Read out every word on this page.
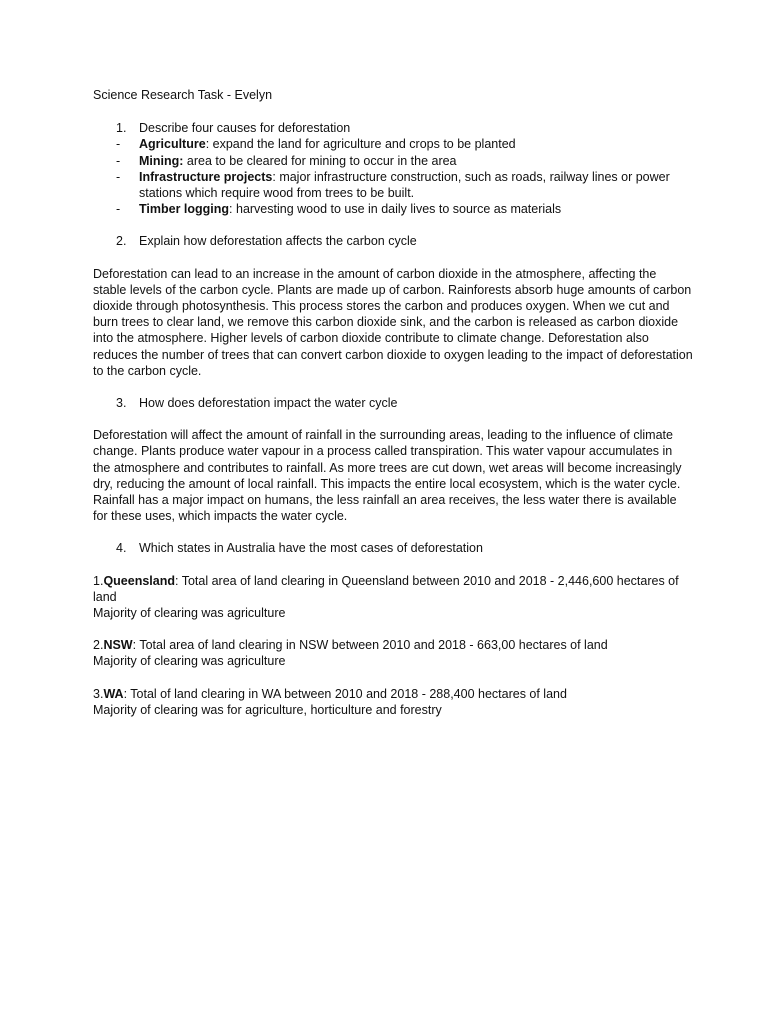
Science Research Task - Evelyn

1.	Describe four causes for deforestation
-	Agriculture: expand the land for agriculture and crops to be planted
-	Mining: area to be cleared for mining to occur in the area
-	Infrastructure projects: major infrastructure construction, such as roads, railway lines or power stations which require wood from trees to be built.
-	Timber logging: harvesting wood to use in daily lives to source as materials
2.	Explain how deforestation affects the carbon cycle

Deforestation can lead to an increase in the amount of carbon dioxide in the atmosphere, affecting the stable levels of the carbon cycle. Plants are made up of carbon. Rainforests absorb huge amounts of carbon dioxide through photosynthesis. This process stores the carbon and produces oxygen. When we cut and burn trees to clear land, we remove this carbon dioxide sink, and the carbon is released as carbon dioxide into the atmosphere. Higher levels of carbon dioxide contribute to climate change. Deforestation also reduces the number of trees that can convert carbon dioxide to oxygen leading to the impact of deforestation to the carbon cycle.

3.	How does deforestation impact the water cycle

Deforestation will affect the amount of rainfall in the surrounding areas, leading to the influence of climate change. Plants produce water vapour in a process called transpiration. This water vapour accumulates in the atmosphere and contributes to rainfall. As more trees are cut down, wet areas will become increasingly dry, reducing the amount of local rainfall. This impacts the entire local ecosystem, which is the water cycle. Rainfall has a major impact on humans, the less rainfall an area receives, the less water there is available for these uses, which impacts the water cycle.

4.	Which states in Australia have the most cases of deforestation

1.Queensland: Total area of land clearing in Queensland between 2010 and 2018 - 2,446,600 hectares of land

Majority of clearing was agriculture

2.NSW: Total area of land clearing in NSW between 2010 and 2018 - 663,00 hectares of land

Majority of clearing was agriculture

3.WA: Total of land clearing in WA between 2010 and 2018 - 288,400 hectares of land

Majority of clearing was for agriculture, horticulture and forestry
